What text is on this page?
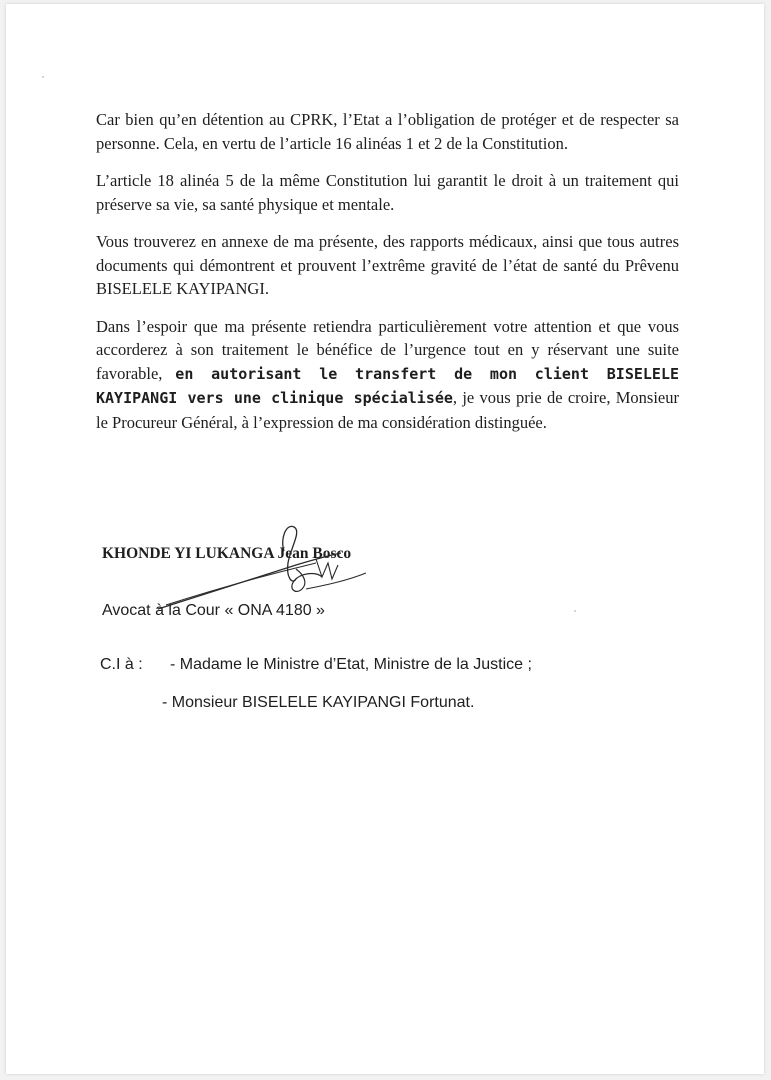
Car bien qu’en détention au CPRK, l’Etat a l’obligation de protéger et de respecter sa personne. Cela, en vertu de l’article 16 alinéas 1 et 2 de la Constitution.

L’article 18 alinéa 5 de la même Constitution lui garantit le droit à un traitement qui préserve sa vie, sa santé physique et mentale.

Vous trouverez en annexe de ma présente, des rapports médicaux, ainsi que tous autres documents qui démontrent et prouvent l’extrême gravité de l’état de santé du Prêvenu BISELELE KAYIPANGI.

Dans l’espoir que ma présente retiendra particulièrement votre attention et que vous accorderez à son traitement le bénéfice de l’urgence tout en y réservant une suite favorable, en autorisant le transfert de mon client BISELELE KAYIPANGI vers une clinique spécialisée, je vous prie de croire, Monsieur le Procureur Général, à l’expression de ma considération distinguée.

KHONDE YI LUKANGA Jean Bosco
Avocat à la Cour « ONA 4180 »
C.I à :	- Madame le Ministre d’Etat, Ministre de la Justice ;
- Monsieur BISELELE KAYIPANGI Fortunat.
